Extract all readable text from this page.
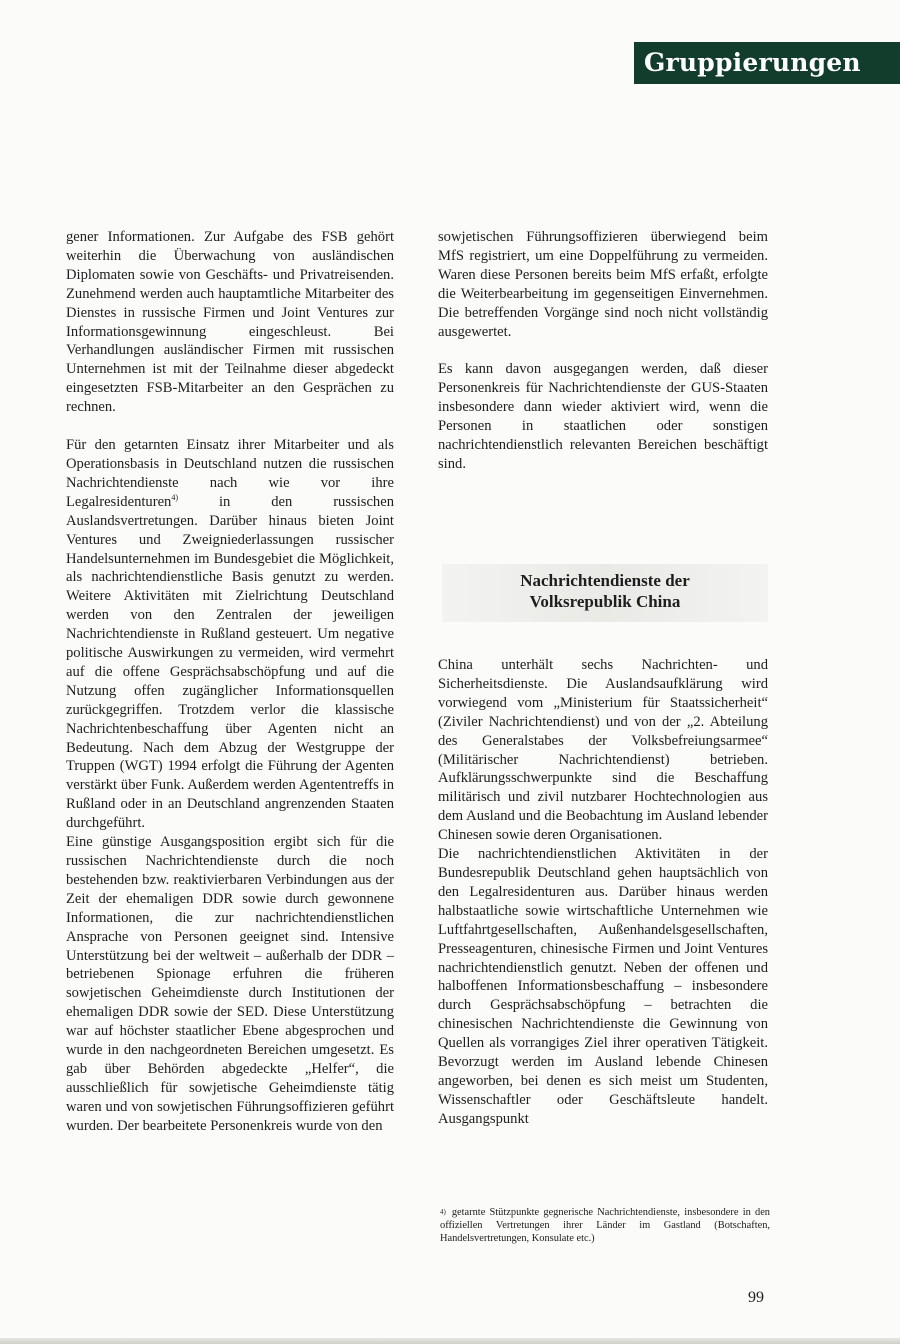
Gruppierungen

gener Informationen. Zur Aufgabe des FSB gehört weiterhin die Überwachung von ausländischen Diplomaten sowie von Geschäfts- und Privatreisenden. Zunehmend werden auch hauptamtliche Mitarbeiter des Dienstes in russische Firmen und Joint Ventures zur Informationsgewinnung eingeschleust. Bei Verhandlungen ausländischer Firmen mit russischen Unternehmen ist mit der Teilnahme dieser abgedeckt eingesetzten FSB-Mitarbeiter an den Gesprächen zu rechnen.

Für den getarnten Einsatz ihrer Mitarbeiter und als Operationsbasis in Deutschland nutzen die russischen Nachrichtendienste nach wie vor ihre Legalresidenturen$^{4)}$ in den russischen Auslandsvertretungen. Darüber hinaus bieten Joint Ventures und Zweigniederlassungen russischer Handelsunternehmen im Bundesgebiet die Möglichkeit, als nachrichtendienstliche Basis genutzt zu werden. Weitere Aktivitäten mit Zielrichtung Deutschland werden von den Zentralen der jeweiligen Nachrichtendienste in Rußland gesteuert. Um negative politische Auswirkungen zu vermeiden, wird vermehrt auf die offene Gesprächsabschöpfung und auf die Nutzung offen zugänglicher Informationsquellen zurückgegriffen. Trotzdem verlor die klassische Nachrichtenbeschaffung über Agenten nicht an Bedeutung. Nach dem Abzug der Westgruppe der Truppen (WGT) 1994 erfolgt die Führung der Agenten verstärkt über Funk. Außerdem werden Agententreffs in Rußland oder in an Deutschland angrenzenden Staaten durchgeführt.

Eine günstige Ausgangsposition ergibt sich für die russischen Nachrichtendienste durch die noch bestehenden bzw. reaktivierbaren Verbindungen aus der Zeit der ehemaligen DDR sowie durch gewonnene Informationen, die zur nachrichtendienstlichen Ansprache von Personen geeignet sind. Intensive Unterstützung bei der weltweit – außerhalb der DDR – betriebenen Spionage erfuhren die früheren sowjetischen Geheimdienste durch Institutionen der ehemaligen DDR sowie der SED. Diese Unterstützung war auf höchster staatlicher Ebene abgesprochen und wurde in den nachgeordneten Bereichen umgesetzt. Es gab über Behörden abgedeckte „Helfer“, die ausschließlich für sowjetische Geheimdienste tätig waren und von sowjetischen Führungsoffizieren geführt wurden. Der bearbeitete Personenkreis wurde von den

sowjetischen Führungsoffizieren überwiegend beim MfS registriert, um eine Doppelführung zu vermeiden. Waren diese Personen bereits beim MfS erfaßt, erfolgte die Weiterbearbeitung im gegenseitigen Einvernehmen. Die betreffenden Vorgänge sind noch nicht vollständig ausgewertet.

Es kann davon ausgegangen werden, daß dieser Personenkreis für Nachrichtendienste der GUS-Staaten insbesondere dann wieder aktiviert wird, wenn die Personen in staatlichen oder sonstigen nachrichtendienstlich relevanten Bereichen beschäftigt sind.

Nachrichtendienste der
Volksrepublik China

China unterhält sechs Nachrichten- und Sicherheitsdienste. Die Auslandsaufklärung wird vorwiegend vom „Ministerium für Staatssicherheit“ (Ziviler Nachrichtendienst) und von der „2. Abteilung des Generalstabes der Volksbefreiungsarmee“ (Militärischer Nachrichtendienst) betrieben. Aufklärungsschwerpunkte sind die Beschaffung militärisch und zivil nutzbarer Hochtechnologien aus dem Ausland und die Beobachtung im Ausland lebender Chinesen sowie deren Organisationen.

Die nachrichtendienstlichen Aktivitäten in der Bundesrepublik Deutschland gehen hauptsächlich von den Legalresidenturen aus. Darüber hinaus werden halbstaatliche sowie wirtschaftliche Unternehmen wie Luftfahrtgesellschaften, Außenhandelsgesellschaften, Presseagenturen, chinesische Firmen und Joint Ventures nachrichtendienstlich genutzt. Neben der offenen und halboffenen Informationsbeschaffung – insbesondere durch Gesprächsabschöpfung – betrachten die chinesischen Nachrichtendienste die Gewinnung von Quellen als vorrangiges Ziel ihrer operativen Tätigkeit. Bevorzugt werden im Ausland lebende Chinesen angeworben, bei denen es sich meist um Studenten, Wissenschaftler oder Geschäftsleute handelt. Ausgangspunkt

$^{4)}$ getarnte Stützpunkte gegnerische Nachrichtendienste, insbesondere in den offiziellen Vertretungen ihrer Länder im Gastland (Botschaften, Handelsvertretungen, Konsulate etc.)
99
